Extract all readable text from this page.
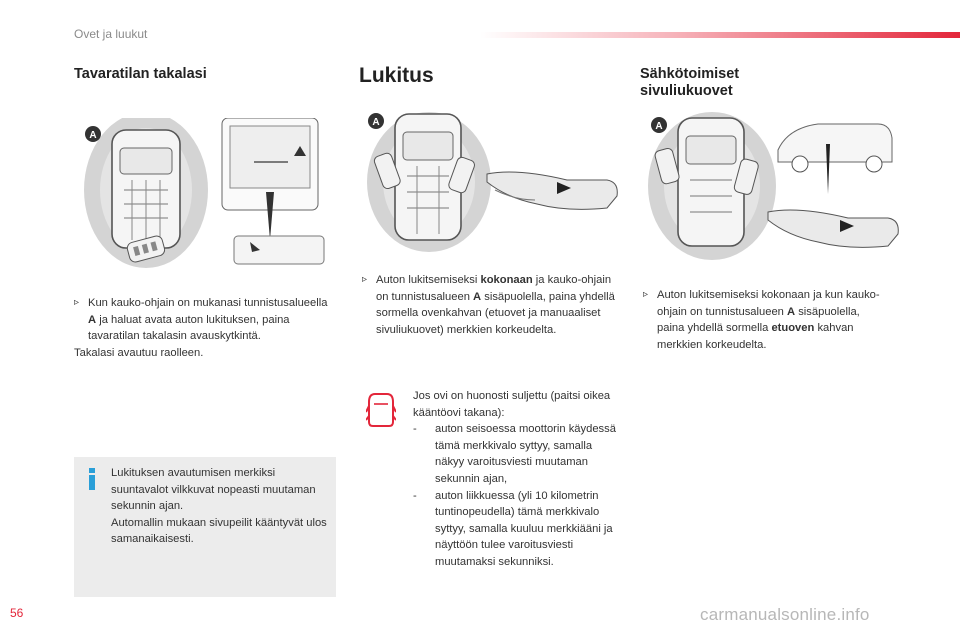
Ovet ja luukut
Tavaratilan takalasi
A
▹ Kun kauko-ohjain on mukanasi tunnistusalueella A ja haluat avata auton lukituksen, paina tavaratilan takalasin avauskytkintä.
Takalasi avautuu raolleen.
Lukituksen avautumisen merkiksi suuntavalot vilkkuvat nopeasti muutaman sekunnin ajan.
Automallin mukaan sivupeilit kääntyvät ulos samanaikaisesti.
Lukitus
A
▹ Auton lukitsemiseksi kokonaan ja kauko-ohjain on tunnistusalueen A sisäpuolella, paina yhdellä sormella ovenkahvan (etuovet ja manuaaliset sivuliukuovet) merkkien korkeudelta.
Jos ovi on huonosti suljettu (paitsi oikea kääntöovi takana):
-	auton seisoessa moottorin käydessä tämä merkkivalo syttyy, samalla näkyy varoitusviesti muutaman sekunnin ajan,
-	auton liikkuessa (yli 10 kilometrin tuntinopeudella) tämä merkkivalo syttyy, samalla kuuluu merkkiääni ja näyttöön tulee varoitusviesti muutamaksi sekunniksi.
Sähkötoimiset sivuliukuovet
A
▹ Auton lukitsemiseksi kokonaan ja kun kauko-ohjain on tunnistusalueen A sisäpuolella, paina yhdellä sormella etuoven kahvan merkkien korkeudelta.
56	carmanualsonline.info
